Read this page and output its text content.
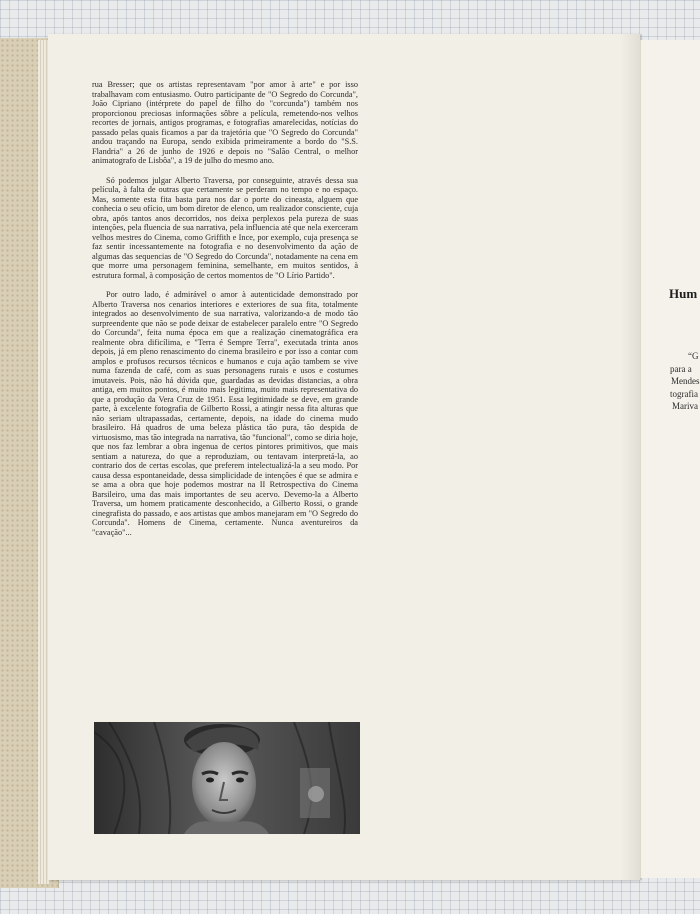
rua Bresser; que os artistas representavam "por amor à arte" e por isso trabalhavam com entusiasmo. Outro participante de "O Segredo do Corcunda", João Cipriano (intérprete do papel de filho do "corcunda") também nos proporcionou preciosas informações sôbre a película, remetendo-nos velhos recortes de jornais, antigos programas, e fotografias amarelecidas, notícias do passado pelas quais ficamos a par da trajetória que "O Segredo do Corcunda" andou traçando na Europa, sendo exibida primeiramente a bordo do "S.S. Flandria" a 26 de junho de 1926 e depois no "Salão Central, o melhor animatografo de Lisbôa", a 19 de julho do mesmo ano.

Só podemos julgar Alberto Traversa, por conseguinte, através dessa sua película, à falta de outras que certamente se perderam no tempo e no espaço. Mas, somente esta fita basta para nos dar o porte do cineasta, alguem que conhecia o seu ofício, um bom diretor de elenco, um realizador consciente, cuja obra, após tantos anos decorridos, nos deixa perplexos pela pureza de suas intenções, pela fluencia de sua narrativa, pela influencia até que nela exerceram velhos mestres do Cinema, como Griffith e Ince, por exemplo, cuja presença se faz sentir incessantemente na fotografia e no desenvolvimento da ação de algumas das sequencias de "O Segredo do Corcunda", notadamente na cena em que morre uma personagem feminina, semelhante, em muitos sentidos, à estrutura formal, à composição de certos momentos de "O Lírio Partido".

Por outro lado, é admirável o amor à autenticidade demonstrado por Alberto Traversa nos cenarios interiores e exteriores de sua fita, totalmente integrados ao desenvolvimento de sua narrativa, valorizando-a de modo tão surpreendente que não se pode deixar de estabelecer paralelo entre "O Segredo do Corcunda", feita numa época em que a realização cinematográfica era realmente obra dificílima, e "Terra é Sempre Terra", executada trinta anos depois, já em pleno renascimento do cinema brasileiro e por isso a contar com amplos e profusos recursos técnicos e humanos e cuja ação tambem se vive numa fazenda de café, com as suas personagens rurais e usos e costumes imutaveis. Pois, não há dúvida que, guardadas as devidas distancias, a obra antiga, em muitos pontos, é muito mais legitima, muito mais representativa do que a produção da Vera Cruz de 1951. Essa legitimidade se deve, em grande parte, à excelente fotografia de Gilberto Rossi, a atingir nessa fita alturas que não seriam ultrapassadas, certamente, depois, na idade do cinema mudo brasileiro. Há quadros de uma beleza plástica tão pura, tão despida de virtuosismo, mas tão integrada na narrativa, tão "funcional", como se diria hoje, que nos faz lembrar a obra ingenua de certos pintores primitivos, que mais sentiam a natureza, do que a reproduziam, ou tentavam interpretá-la, ao contrario dos de certas escolas, que preferem intelectualizá-la a seu modo. Por causa dessa espontaneidade, dessa simplicidade de intenções é que se admira e se ama a obra que hoje podemos mostrar na II Retrospectiva do Cinema Barsileiro, uma das mais importantes de seu acervo. Devemo-la a Alberto Traversa, um homem praticamente desconhecido, a Gilberto Rossi, o grande cinegrafista do passado, e aos artistas que ambos manejaram em "O Segredo do Corcunda". Homens de Cinema, certamente. Nunca aventureiros da "cavação"...

Hum
“G
para a
Mendes
tografia
Mariva
